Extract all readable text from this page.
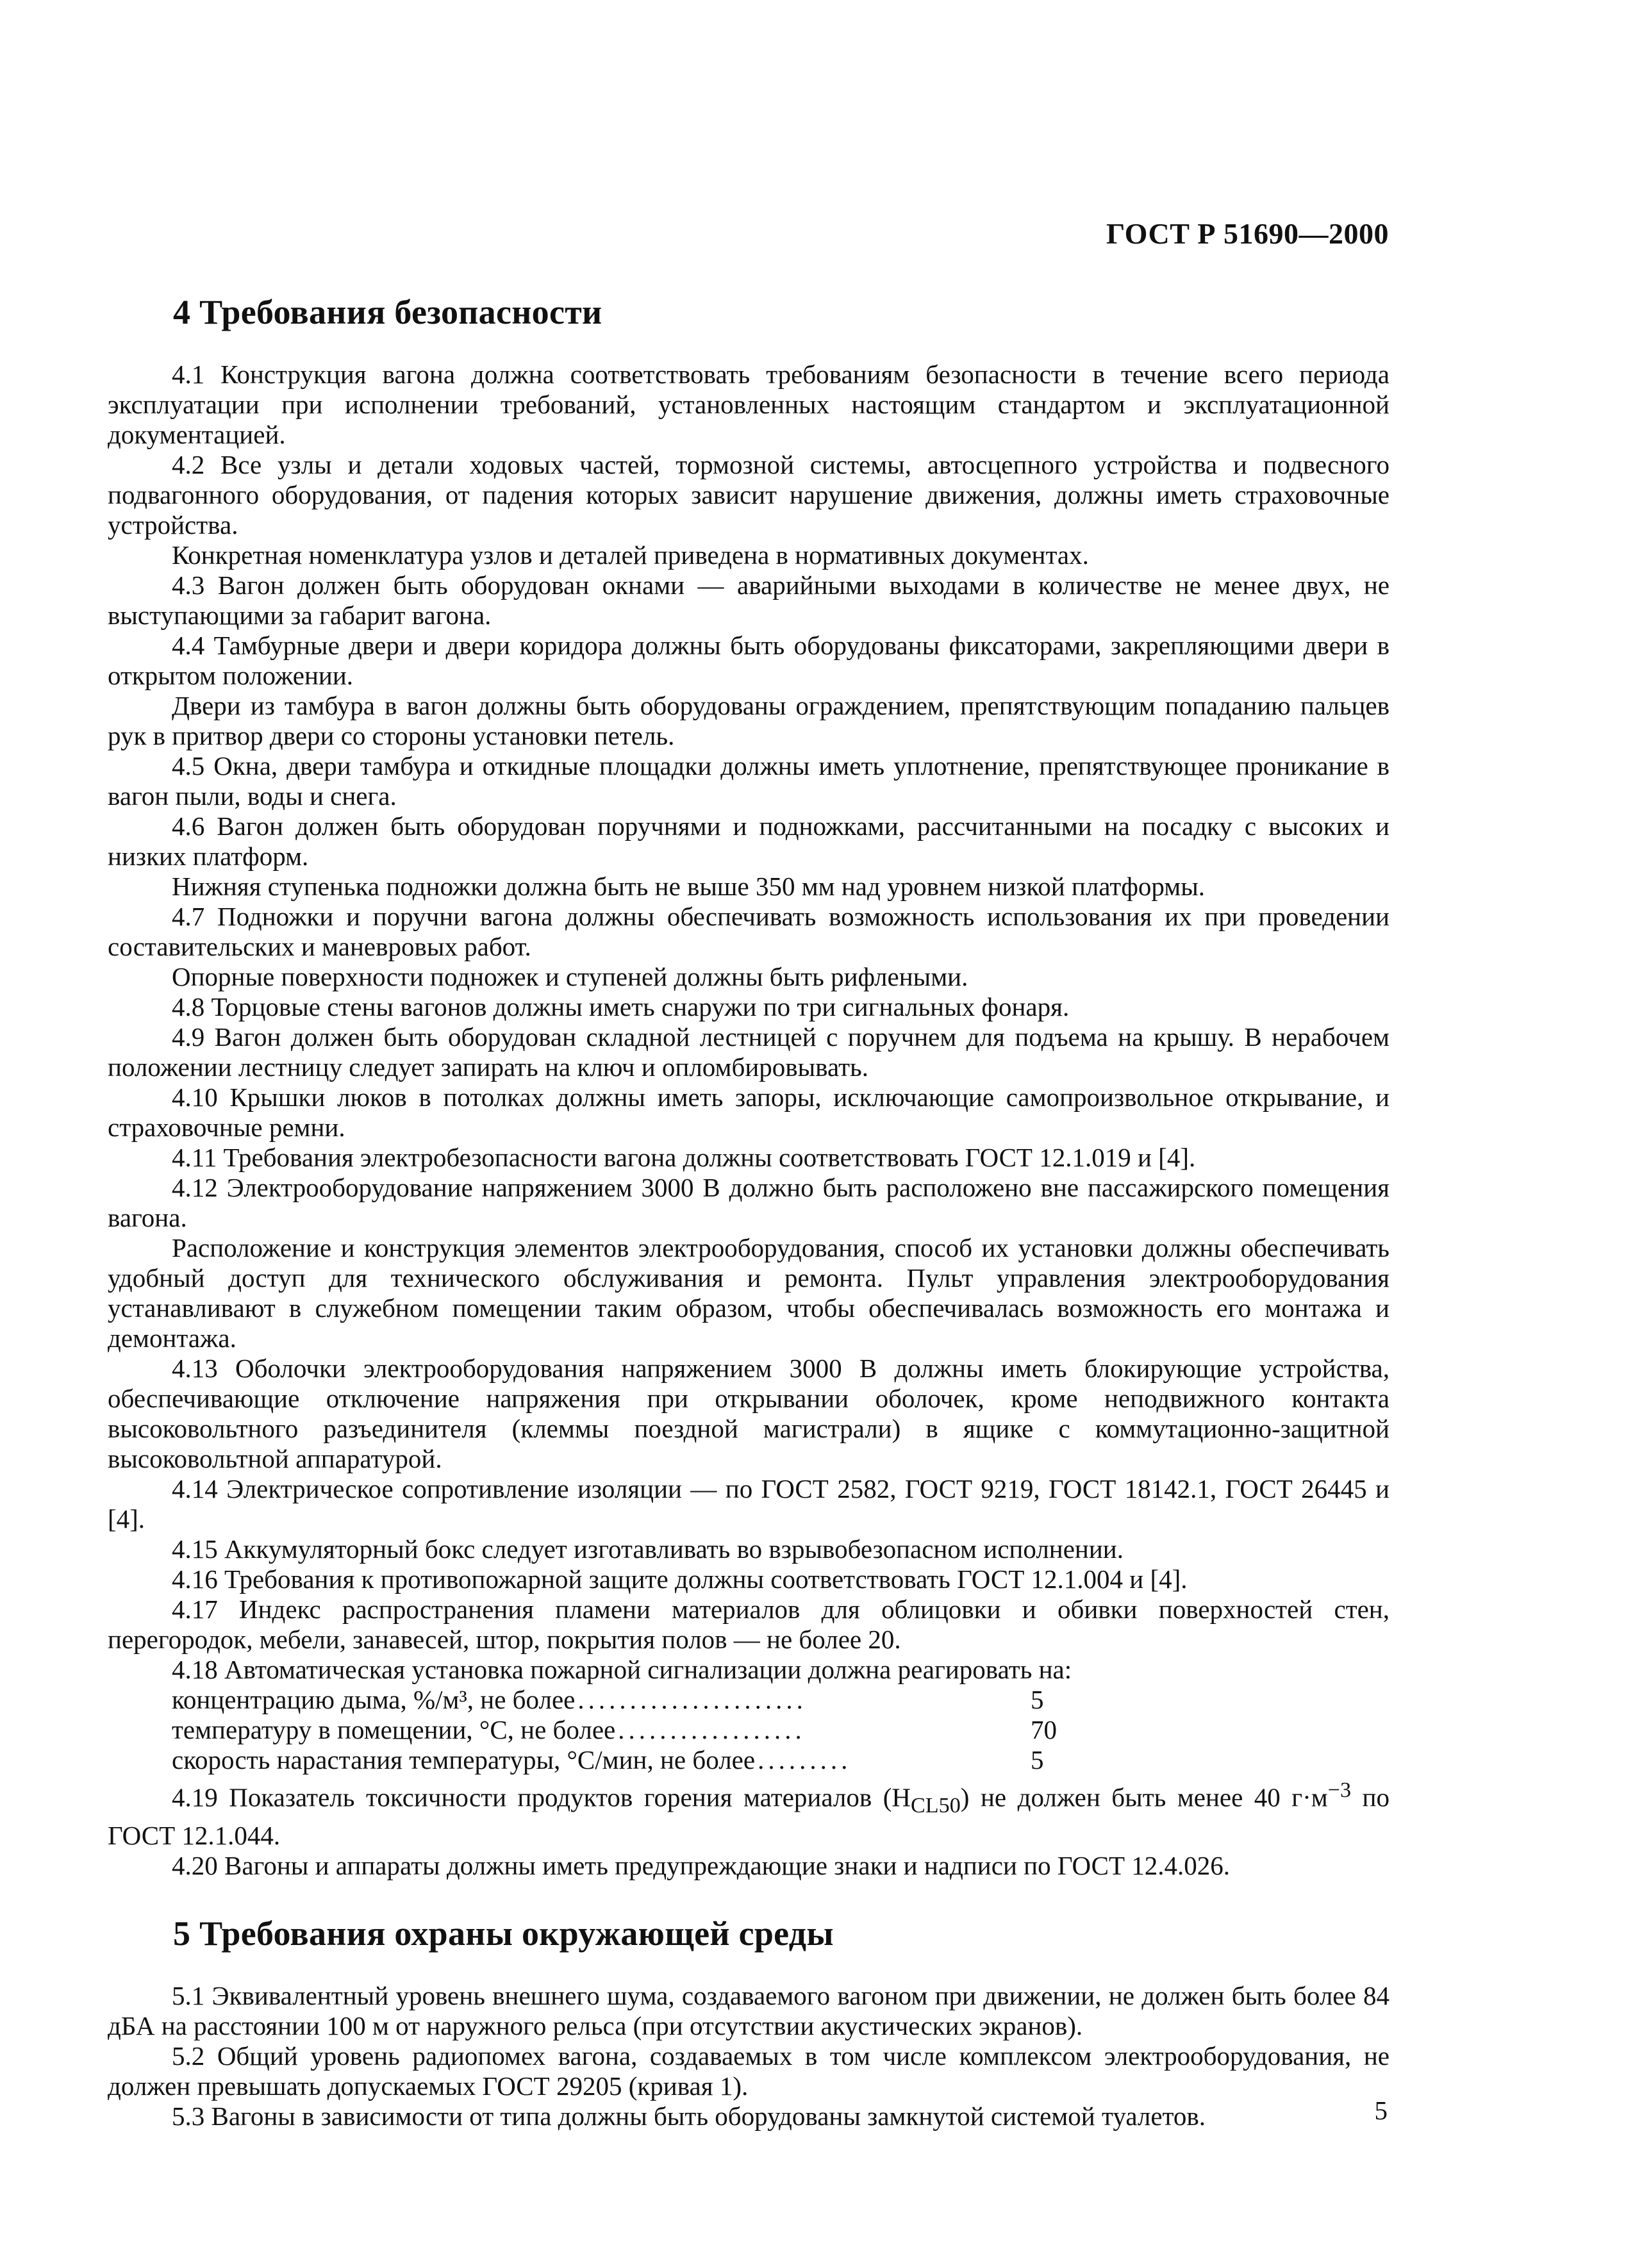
ГОСТ Р 51690—2000
4 Требования безопасности

4.1 Конструкция вагона должна соответствовать требованиям безопасности в течение всего периода эксплуатации при исполнении требований, установленных настоящим стандартом и эксплуатационной документацией.

4.2 Все узлы и детали ходовых частей, тормозной системы, автосцепного устройства и подвесного подвагонного оборудования, от падения которых зависит нарушение движения, должны иметь страховочные устройства.

Конкретная номенклатура узлов и деталей приведена в нормативных документах.

4.3 Вагон должен быть оборудован окнами — аварийными выходами в количестве не менее двух, не выступающими за габарит вагона.

4.4 Тамбурные двери и двери коридора должны быть оборудованы фиксаторами, закрепляющими двери в открытом положении.

Двери из тамбура в вагон должны быть оборудованы ограждением, препятствующим попаданию пальцев рук в притвор двери со стороны установки петель.

4.5 Окна, двери тамбура и откидные площадки должны иметь уплотнение, препятствующее проникание в вагон пыли, воды и снега.

4.6 Вагон должен быть оборудован поручнями и подножками, рассчитанными на посадку с высоких и низких платформ.

Нижняя ступенька подножки должна быть не выше 350 мм над уровнем низкой платформы.

4.7 Подножки и поручни вагона должны обеспечивать возможность использования их при проведении составительских и маневровых работ.

Опорные поверхности подножек и ступеней должны быть рифлеными.

4.8 Торцовые стены вагонов должны иметь снаружи по три сигнальных фонаря.

4.9 Вагон должен быть оборудован складной лестницей с поручнем для подъема на крышу. В нерабочем положении лестницу следует запирать на ключ и опломбировывать.

4.10 Крышки люков в потолках должны иметь запоры, исключающие самопроизвольное открывание, и страховочные ремни.

4.11 Требования электробезопасности вагона должны соответствовать ГОСТ 12.1.019 и [4].

4.12 Электрооборудование напряжением 3000 В должно быть расположено вне пассажирского помещения вагона.

Расположение и конструкция элементов электрооборудования, способ их установки должны обеспечивать удобный доступ для технического обслуживания и ремонта. Пульт управления электрооборудования устанавливают в служебном помещении таким образом, чтобы обеспечивалась возможность его монтажа и демонтажа.

4.13 Оболочки электрооборудования напряжением 3000 В должны иметь блокирующие устройства, обеспечивающие отключение напряжения при открывании оболочек, кроме неподвижного контакта высоковольтного разъединителя (клеммы поездной магистрали) в ящике с коммутационно-защитной высоковольтной аппаратурой.

4.14 Электрическое сопротивление изоляции — по ГОСТ 2582, ГОСТ 9219, ГОСТ 18142.1, ГОСТ 26445 и [4].

4.15 Аккумуляторный бокс следует изготавливать во взрывобезопасном исполнении.

4.16 Требования к противопожарной защите должны соответствовать ГОСТ 12.1.004 и [4].

4.17 Индекс распространения пламени материалов для облицовки и обивки поверхностей стен, перегородок, мебели, занавесей, штор, покрытия полов — не более 20.

4.18 Автоматическая установка пожарной сигнализации должна реагировать на:

концентрацию дыма, %/м³, не более ......................	5
температуру в помещении, °С, не более ..................	70
скорость нарастания температуры, °С/мин, не более .........	5

4.19 Показатель токсичности продуктов горения материалов $(H_{CL50})$ не должен быть менее 40 $г\cdot м^{-3}$ по ГОСТ 12.1.044.

4.20 Вагоны и аппараты должны иметь предупреждающие знаки и надписи по ГОСТ 12.4.026.

5 Требования охраны окружающей среды

5.1 Эквивалентный уровень внешнего шума, создаваемого вагоном при движении, не должен быть более 84 дБА на расстоянии 100 м от наружного рельса (при отсутствии акустических экранов).

5.2 Общий уровень радиопомех вагона, создаваемых в том числе комплексом электрооборудования, не должен превышать допускаемых ГОСТ 29205 (кривая 1).

5.3 Вагоны в зависимости от типа должны быть оборудованы замкнутой системой туалетов.	5
